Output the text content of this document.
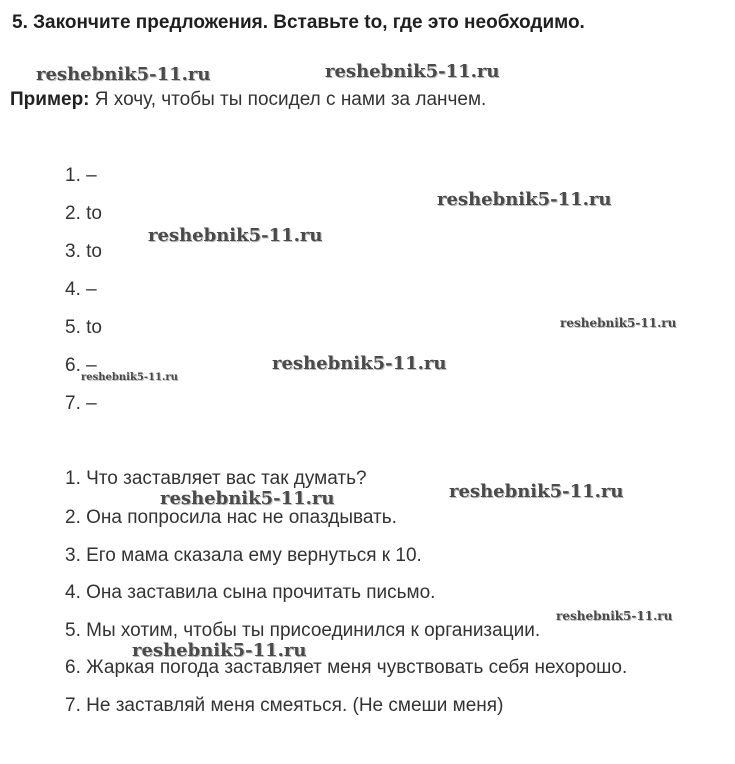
5. Закончите предложения. Вставьте to, где это необходимо.
Пример: Я хочу, чтобы ты посидел с нами за ланчем.
1. –
2. to
3. to
4. –
5. to
6. –
7. –
1. Что заставляет вас так думать?
2. Она попросила нас не опаздывать.
3. Его мама сказала ему вернуться к 10.
4. Она заставила сына прочитать письмо.
5. Мы хотим, чтобы ты присоединился к организации.
6. Жаркая погода заставляет меня чувствовать себя нехорошо.
7. Не заставляй меня смеяться. (Не смеши меня)
reshebnik5-11.ru	reshebnik5-11.ru
reshebnik5-11.ru
reshebnik5-11.ru
reshebnik5-11.ru
reshebnik5-11.ru
reshebnik5-11.ru
reshebnik5-11.ru	reshebnik5-11.ru
reshebnik5-11.ru
reshebnik5-11.ru
